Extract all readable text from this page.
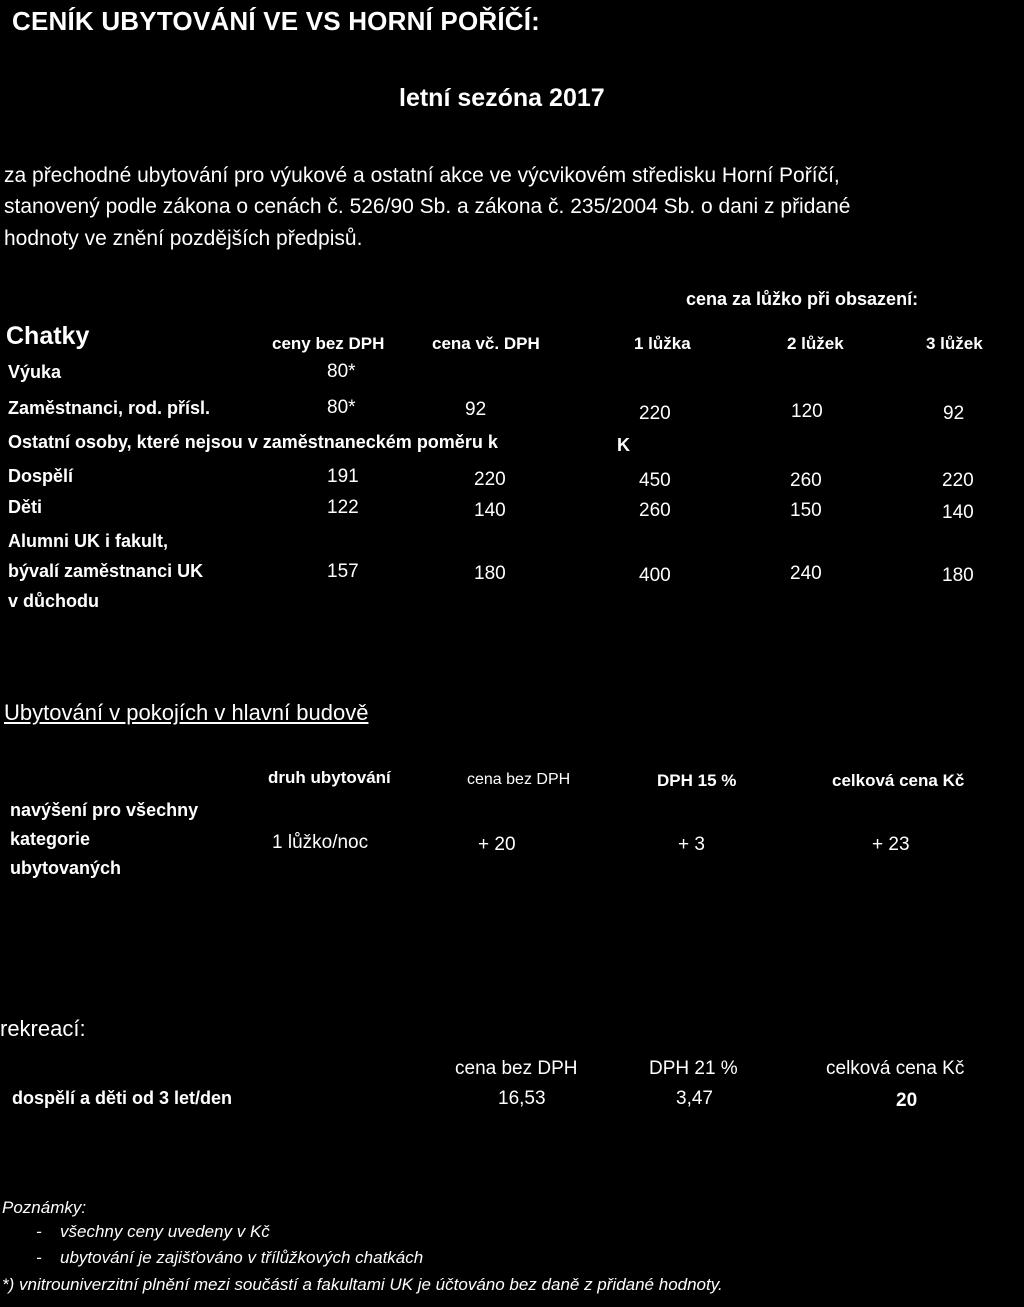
CENÍK UBYTOVÁNÍ VE VS HORNÍ POŘÍČÍ:
letní sezóna 2017
za přechodné ubytování pro výukové a ostatní akce ve výcvikovém středisku Horní Poříčí,
stanovený podle zákona o cenách č. 526/90 Sb. a zákona č. 235/2004 Sb. o dani z přidané
hodnoty ve znění pozdějších předpisů.
cena za lůžko při obsazení:
Chatky	ceny bez DPH	cena vč. DPH	1 lůžka	2 lůžek	3 lůžek
Výuka	80*
Zaměstnanci, rod. přísl.	80*	92	220	120	92
Ostatní osoby, které nejsou v zaměstnaneckém poměru k	K
Dospělí	191	220	450	260	220
Děti	122	140	260	150	140
Alumni UK i fakult,
bývalí zaměstnanci UK
v důchodu
157	180	400	240	180
Ubytování v pokojích v hlavní budově
druh ubytování	cena bez DPH	DPH 15 %	celková cena Kč
navýšení pro všechny
kategorie
ubytovaných
1 lůžko/noc	+ 20	+ 3	+ 23
rekreací:
cena bez DPH	DPH 21 %	celková cena Kč
dospělí a děti od 3 let/den	16,53	3,47	20
Poznámky:
- všechny ceny uvedeny v Kč
- ubytování je zajišťováno v třílůžkových chatkách
*) vnitrouniverzitní plnění mezi součástí a fakultami UK je účtováno bez daně z přidané hodnoty.
